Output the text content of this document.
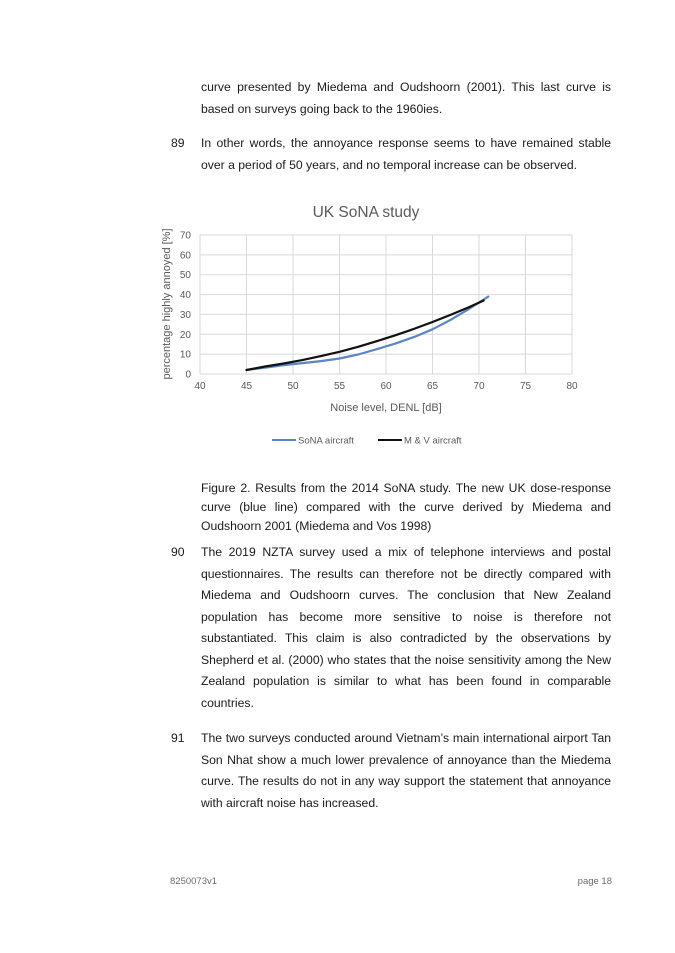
curve presented by Miedema and Oudshoorn (2001). This last curve is based on surveys going back to the 1960ies.
89 In other words, the annoyance response seems to have remained stable over a period of 50 years, and no temporal increase can be observed.
UK SoNA study
40	45	50	55	60	65	70	75	80
0
10
20
30
40
50
60
70
Noise level, DENL [dB]
percentage highly annoyed [%]
SoNA aircraft	M & V aircraft
Figure 2. Results from the 2014 SoNA study. The new UK dose-response curve (blue line) compared with the curve derived by Miedema and Oudshoorn 2001 (Miedema and Vos 1998)
90 The 2019 NZTA survey used a mix of telephone interviews and postal questionnaires. The results can therefore not be directly compared with Miedema and Oudshoorn curves. The conclusion that New Zealand population has become more sensitive to noise is therefore not substantiated. This claim is also contradicted by the observations by Shepherd et al. (2000) who states that the noise sensitivity among the New Zealand population is similar to what has been found in comparable countries.
91 The two surveys conducted around Vietnam’s main international airport Tan Son Nhat show a much lower prevalence of annoyance than the Miedema curve. The results do not in any way support the statement that annoyance with aircraft noise has increased.
8250073v1	page 18
